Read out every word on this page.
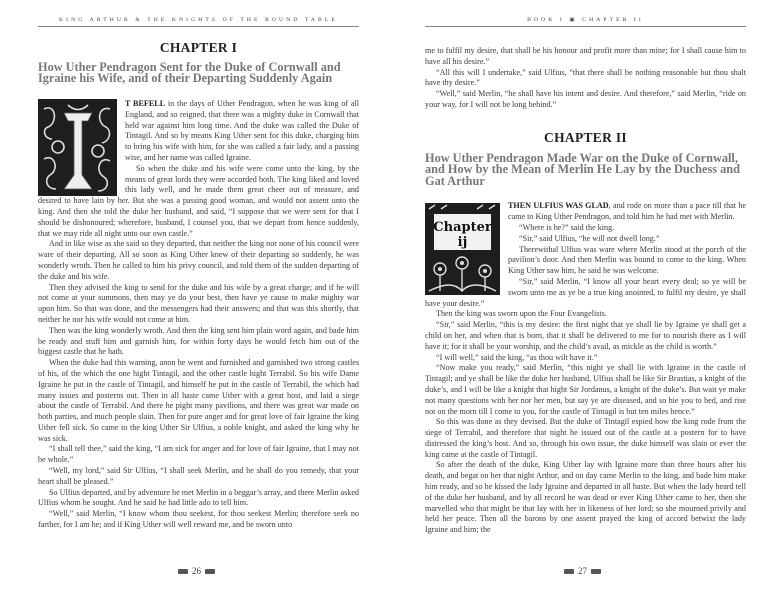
KING ARTHUR & THE KNIGHTS OF THE ROUND TABLE
CHAPTER I
How Uther Pendragon Sent for the Duke of Cornwall and Igraine his Wife, and of their Departing Suddenly Again

T BEFELL in the days of Uther Pendragon, when he was king of all England, and so reigned, that there was a mighty duke in Cornwall that held war against him long time. And the duke was called the Duke of Tintagil. And so by means King Uther sent for this duke, charging him to bring his wife with him, for she was called a fair lady, and a passing wise, and her name was called Igraine.

So when the duke and his wife were come unto the king, by the means of great lords they were accorded both. The king liked and loved this lady well, and he made them great cheer out of measure, and desired to have lain by her. But she was a passing good woman, and would not assent unto the king. And then she told the duke her husband, and said, “I suppose that we were sent for that I should be dishonoured; wherefore, husband, I counsel you, that we depart from hence suddenly, that we may ride all night unto our own castle.”

And in like wise as she said so they departed, that neither the king nor none of his council were ware of their departing. All so soon as King Uther knew of their departing so suddenly, he was wonderly wroth. Then he called to him his privy council, and told them of the sudden departing of the duke and his wife.

Then they advised the king to send for the duke and his wife by a great charge; and if he will not come at your summons, then may ye do your best, then have ye cause to make mighty war upon him. So that was done, and the messengers had their answers; and that was this shortly, that neither he nor his wife would not come at him.

Then was the king wonderly wroth. And then the king sent him plain word again, and bade him be ready and stuff him and garnish him, for within forty days he would fetch him out of the biggest castle that he hath.

When the duke had this warning, anon he went and furnished and garnished two strong castles of his, of the which the one hight Tintagil, and the other castle hight Terrabil. So his wife Dame Igraine he put in the castle of Tintagil, and himself he put in the castle of Terrabil, the which had many issues and posterns out. Then in all haste came Uther with a great host, and laid a siege about the castle of Terrabil. And there he pight many pavilions, and there was great war made on both parties, and much people slain. Then for pure anger and for great love of fair Igraine the king Uther fell sick. So came to the king Uther Sir Ulfius, a noble knight, and asked the king why he was sick.

“I shall tell thee,” said the king, “I am sick for anger and for love of fair Igraine, that I may not be whole.”

“Well, my lord,” said Sir Ulfius, “I shall seek Merlin, and he shall do you remedy, that your heart shall be pleased.”

So Ulfius departed, and by adventure he met Merlin in a beggar’s array, and there Merlin asked Ulfius whom he sought. And he said he had little ado to tell him.

“Well,” said Merlin, “I know whom thou seekest, for thou seekest Merlin; therefore seek no farther, for I am he; and if King Uther will well reward me, and be sworn unto

26
BOOK I ▣ CHAPTER II

me to fulfil my desire, that shall be his honour and profit more than mine; for I shall cause him to have all his desire.”

“All this will I undertake,” said Ulfius, “that there shall be nothing reasonable but thou shalt have thy desire.”

“Well,” said Merlin, “he shall have his intent and desire. And therefore,” said Merlin, “ride on your way, for I will not be long behind.”

CHAPTER II
How Uther Pendragon Made War on the Duke of Cornwall, and How by the Mean of Merlin He Lay by the Duchess and Gat Arthur
Chapter
ij

THEN ULFIUS WAS GLAD, and rode on more than a pace till that he came to King Uther Pendragon, and told him he had met with Merlin.

“Where is he?” said the king.

“Sir,” said Ulfius, “he will not dwell long.”

Therewithal Ulfius was ware where Merlin stood at the porch of the pavilion’s door. And then Merlin was bound to come to the king. When King Uther saw him, he said he was welcome.

“Sir,” said Merlin, “I know all your heart every deal; so ye will be sworn unto me as ye be a true king anointed, to fulfil my desire, ye shall have your desire.”

Then the king was sworn upon the Four Evangelists.

“Sir,” said Merlin, “this is my desire: the first night that ye shall lie by Igraine ye shall get a child on her, and when that is born, that it shall be delivered to me for to nourish there as I will have it; for it shall be your worship, and the child’s avail, as mickle as the child is worth.”

“I will well,” said the king, “as thou wilt have it.”

“Now make you ready,” said Merlin, “this night ye shall lie with Igraine in the castle of Tintagil; and ye shall be like the duke her husband, Ulfius shall be like Sir Brastias, a knight of the duke’s, and I will be like a knight that hight Sir Jordanus, a knight of the duke’s. But wait ye make not many questions with her nor her men, but say ye are diseased, and so hie you to bed, and rise not on the morn till I come to you, for the castle of Tintagil is but ten miles hence.”

So this was done as they devised. But the duke of Tintagil espied how the king rode from the siege of Terrabil, and therefore that night he issued out of the castle at a postern for to have distressed the king’s host. And so, through his own issue, the duke himself was slain or ever the king came at the castle of Tintagil.

So after the death of the duke, King Uther lay with Igraine more than three hours after his death, and begat on her that night Arthur, and on day came Merlin to the king, and bade him make him ready, and so he kissed the lady Igraine and departed in all haste. But when the lady heard tell of the duke her husband, and by all record he was dead or ever King Uther came to her, then she marvelled who that might be that lay with her in likeness of her lord; so she mourned privily and held her peace. Then all the barons by one assent prayed the king of accord betwixt the lady Igraine and him; the

27
